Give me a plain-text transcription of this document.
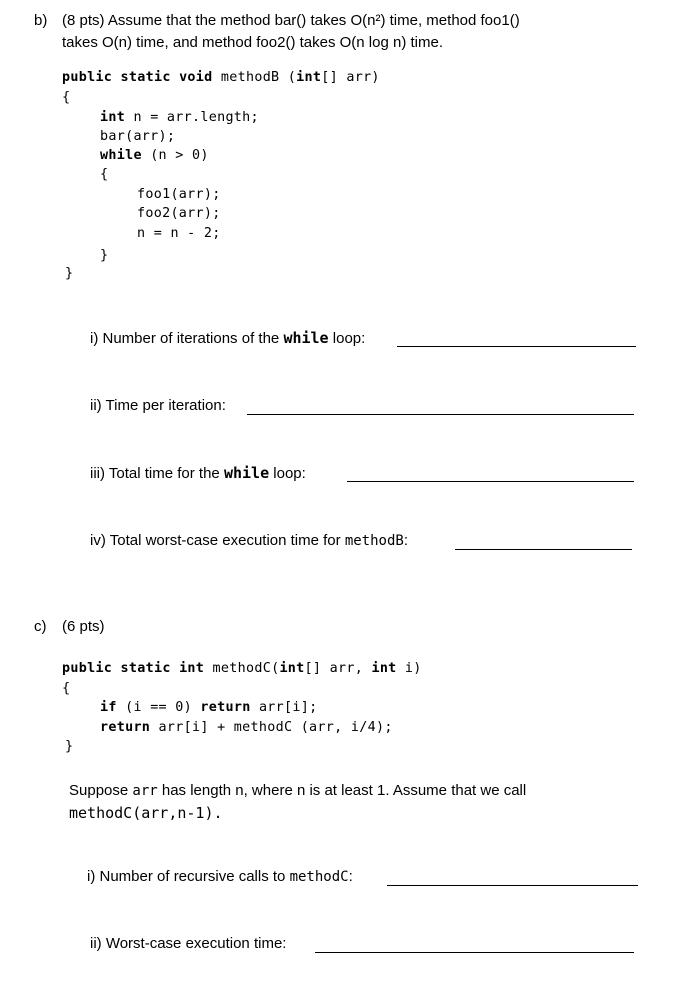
b) (8 pts) Assume that the method bar() takes O(n²) time, method foo1()
takes O(n) time, and method foo2() takes O(n log n) time.
public static void methodB (int[] arr)
{
int n = arr.length;
bar(arr);
while (n > 0)
{
foo1(arr);
foo2(arr);
n = n - 2;
}
}
i) Number of iterations of the while loop:
ii) Time per iteration:
iii) Total time for the while loop:
iv) Total worst-case execution time for methodB:
c) (6 pts)
public static int methodC(int[] arr, int i)
{
if (i == 0) return arr[i];
return arr[i] + methodC (arr, i/4);
}
Suppose arr has length n, where n is at least 1. Assume that we call
methodC(arr,n-1).
i) Number of recursive calls to methodC:
ii) Worst-case execution time:
